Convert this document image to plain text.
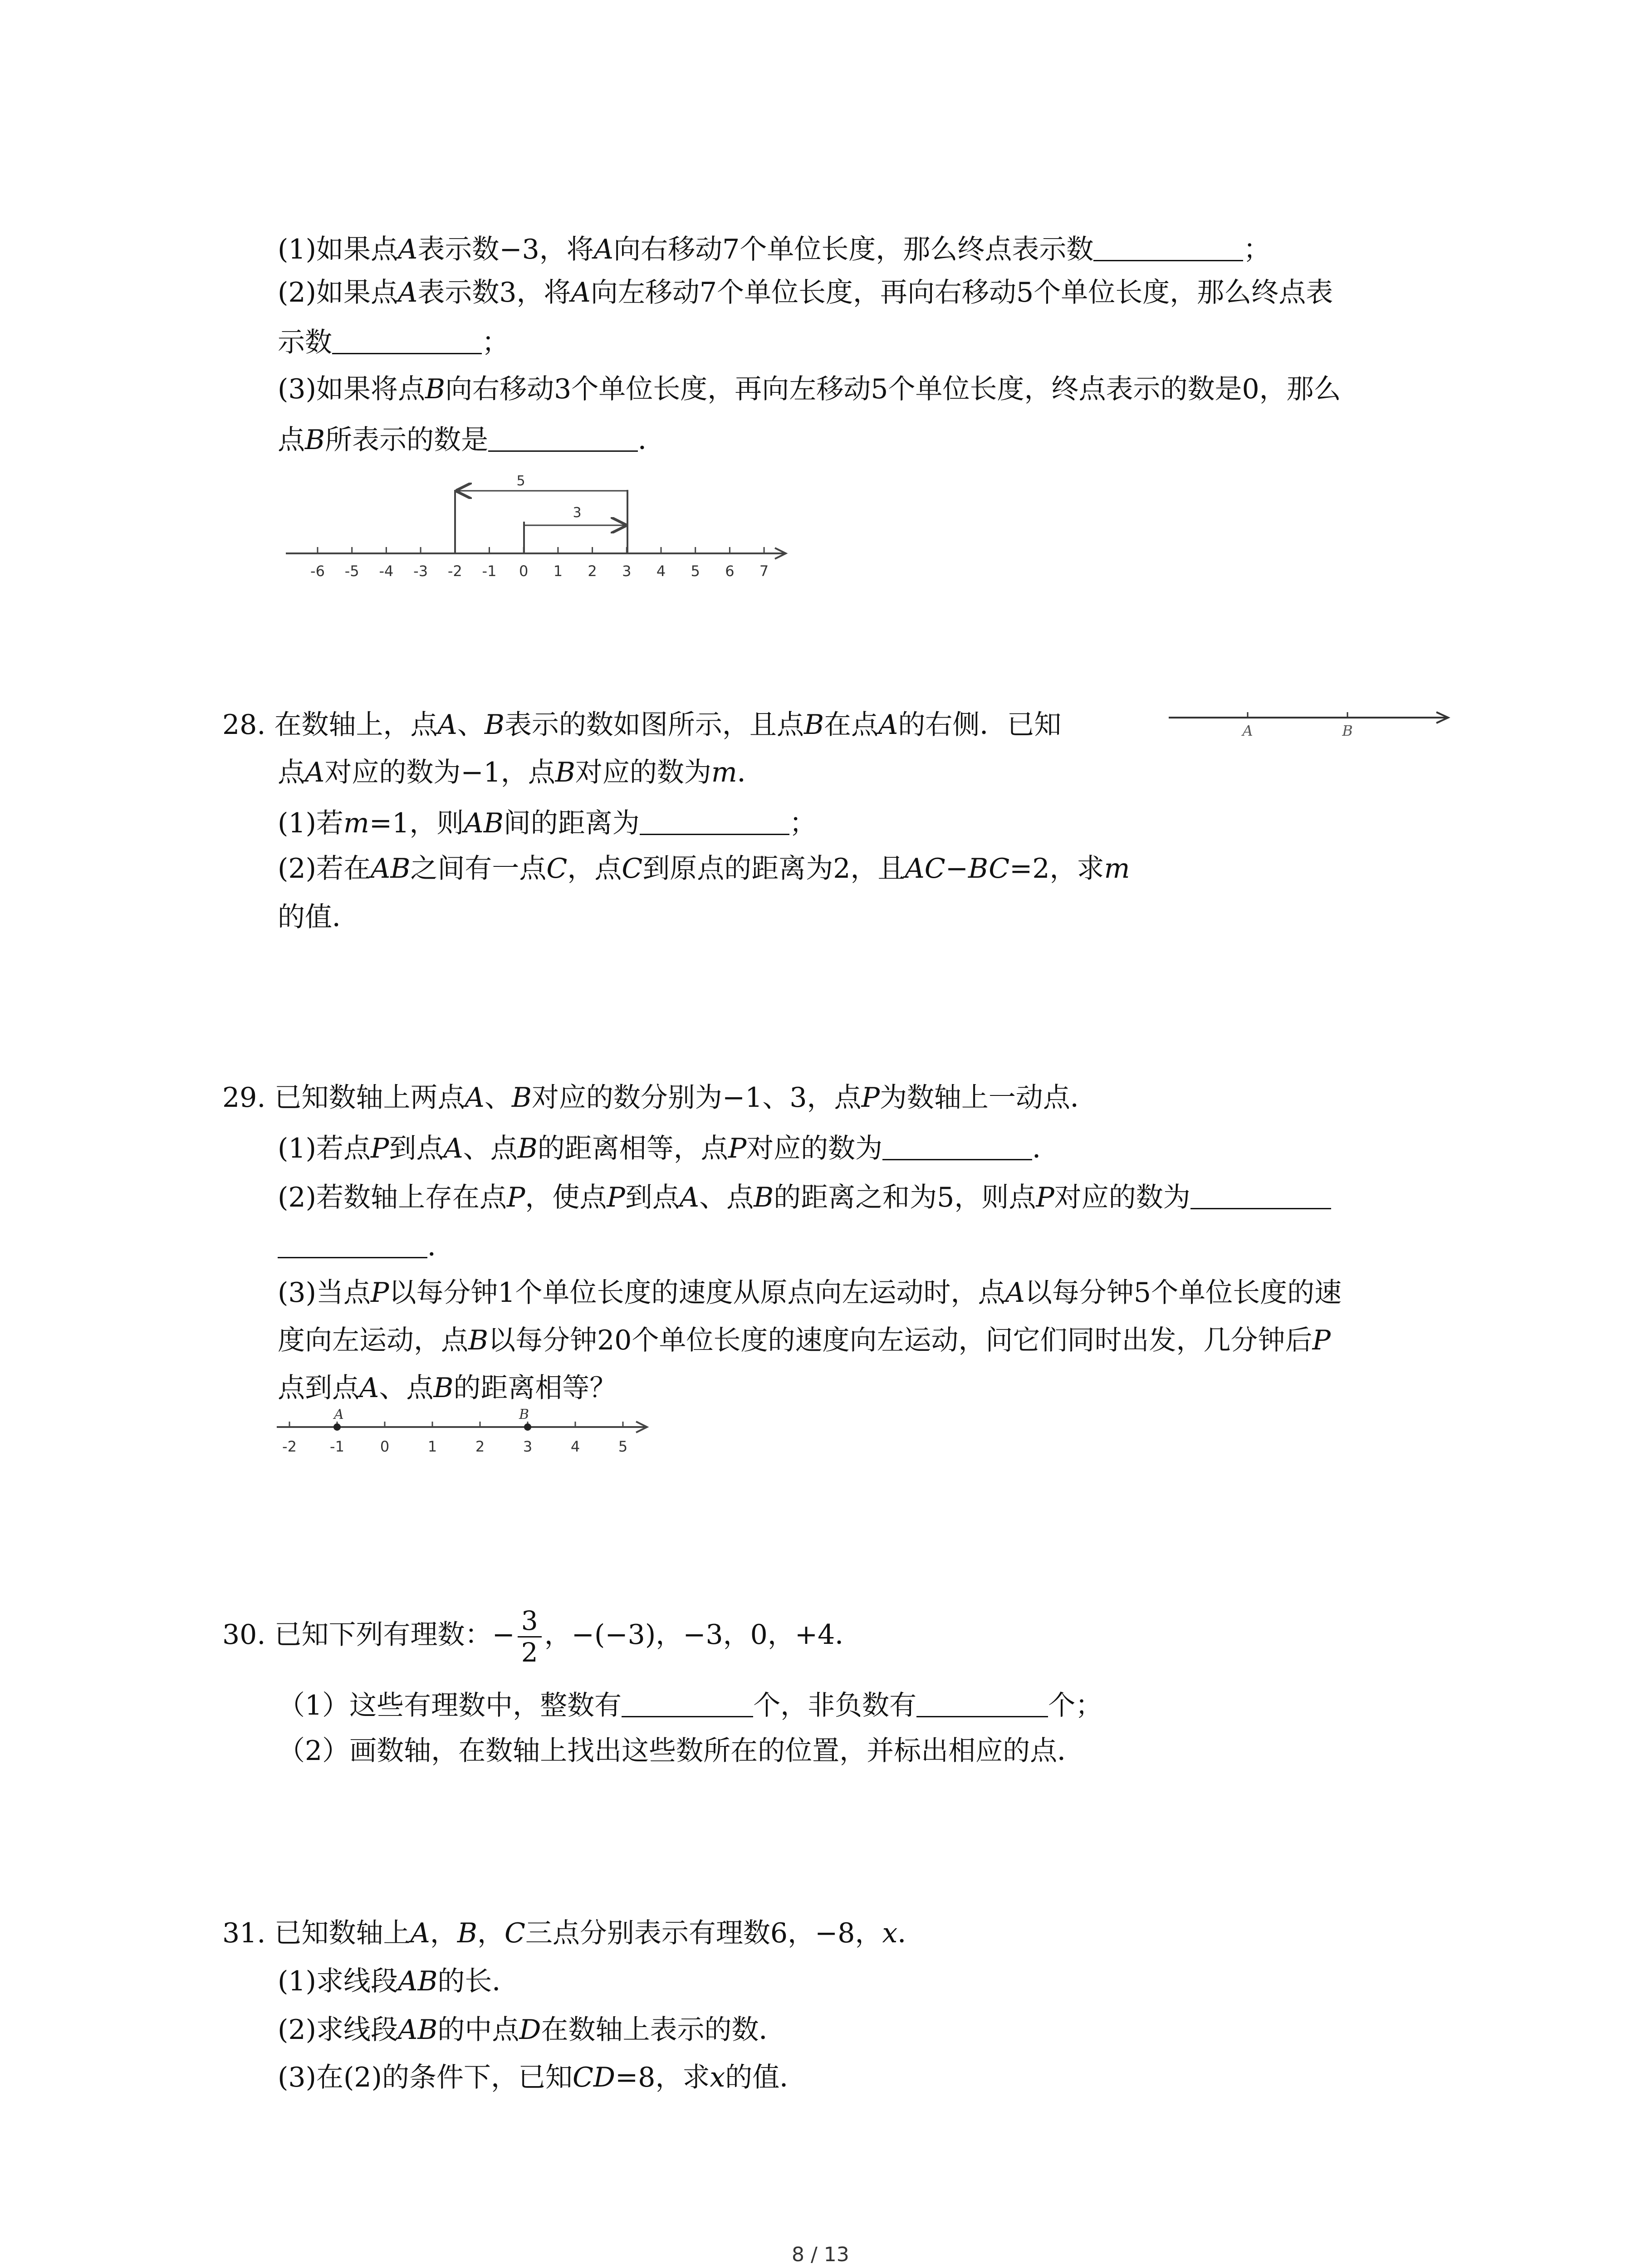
(1)如果点A表示数−3，将A向右移动7个单位长度，那么终点表示数	；
(2)如果点A表示数3，将A向左移动7个单位长度，再向右移动5个单位长度，那么终点表
示数	；
(3)如果将点B向右移动3个单位长度，再向左移动5个单位长度，终点表示的数是0，那么
点B所表示的数是	．
-6 -5 -4 -3 -2 -1 0 1 2 3 4 5 6 7
5
3
28. 在数轴上，点A、B表示的数如图所示，且点B在点A的右侧．已知
点A对应的数为−1，点B对应的数为m．
(1)若m=1，则AB间的距离为	；
(2)若在AB之间有一点C，点C到原点的距离为2，且AC−BC=2，求m
的值．
A	B
29. 已知数轴上两点A、B对应的数分别为−1、3，点P为数轴上一动点．
(1)若点P到点A、点B的距离相等，点P对应的数为	．
(2)若数轴上存在点P，使点P到点A、点B的距离之和为5，则点P对应的数为
．
(3)当点P以每分钟1个单位长度的速度从原点向左运动时，点A以每分钟5个单位长度的速
度向左运动，点B以每分钟20个单位长度的速度向左运动，问它们同时出发，几分钟后P
点到点A、点B的距离相等？
-2 -1 0	1	2	3	4	5
A	B
30. 已知下列有理数：− $\frac{3}{2}$ ，−(−3)，−3，0，+4．
（1）这些有理数中，整数有	个，非负数有	个；
（2）画数轴，在数轴上找出这些数所在的位置，并标出相应的点．
31. 已知数轴上A，B，C三点分别表示有理数6，−8，x．
(1)求线段AB的长．
(2)求线段AB的中点D在数轴上表示的数．
(3)在(2)的条件下，已知CD=8，求x的值．
8 / 13
